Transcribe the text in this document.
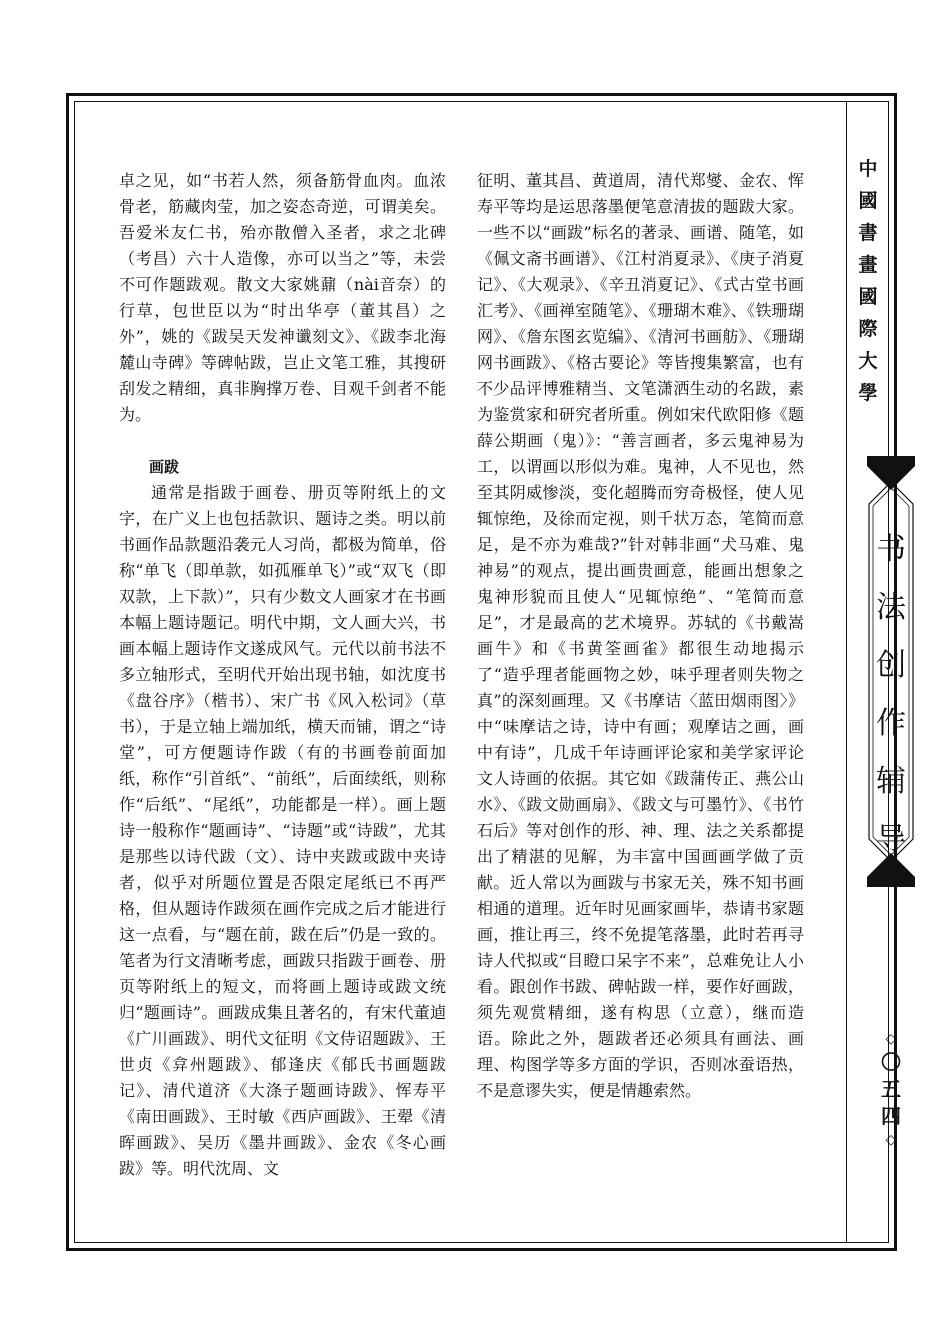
卓之见，如“书若人然，须备筋骨血肉。血浓骨老，筋藏肉莹，加之姿态奇逆，可谓美矣。吾爱米友仁书，殆亦散僧入圣者，求之北碑（考昌）六十人造像，亦可以当之”等，未尝不可作题跋观。散文大家姚鼐（nài音奈）的行草，包世臣以为“时出华亭（董其昌）之外”，姚的《跋吴天发神谶刻文》、《跋李北海麓山寺碑》等碑帖跋，岂止文笔工雅，其搜研刮发之精细，真非胸撑万卷、目观千剑者不能为。

画跋

通常是指跋于画卷、册页等附纸上的文字，在广义上也包括款识、题诗之类。明以前书画作品款题沿袭元人习尚，都极为简单，俗称“单飞（即单款，如孤雁单飞）”或“双飞（即双款，上下款）”，只有少数文人画家才在书画本幅上题诗题记。明代中期，文人画大兴，书画本幅上题诗作文遂成风气。元代以前书法不多立轴形式，至明代开始出现书轴，如沈度书《盘谷序》（楷书）、宋广书《风入松词》（草书），于是立轴上端加纸，横天而铺，谓之“诗堂”，可方便题诗作跋（有的书画卷前面加纸，称作“引首纸”、“前纸”，后面续纸，则称作“后纸”、“尾纸”，功能都是一样）。画上题诗一般称作“题画诗”、“诗题”或“诗跋”，尤其是那些以诗代跋（文）、诗中夹跋或跋中夹诗者，似乎对所题位置是否限定尾纸已不再严格，但从题诗作跋须在画作完成之后才能进行这一点看，与“题在前，跋在后”仍是一致的。笔者为行文清晰考虑，画跋只指跋于画卷、册页等附纸上的短文，而将画上题诗或跋文统归“题画诗”。画跋成集且著名的，有宋代董逌《广川画跋》、明代文征明《文侍诏题跋》、王世贞《弇州题跋》、郁逢庆《郁氏书画题跋记》、清代道济《大涤子题画诗跋》、恽寿平《南田画跋》、王时敏《西庐画跋》、王翚《清晖画跋》、吴历《墨井画跋》、金农《冬心画跋》等。明代沈周、文

征明、董其昌、黄道周，清代郑燮、金农、恽寿平等均是运思落墨便笔意清拔的题跋大家。一些不以“画跋”标名的著录、画谱、随笔，如《佩文斋书画谱》、《江村消夏录》、《庚子消夏记》、《大观录》、《辛丑消夏记》、《式古堂书画汇考》、《画禅室随笔》、《珊瑚木难》、《铁珊瑚网》、《詹东图玄览编》、《清河书画舫》、《珊瑚网书画跋》、《格古要论》等皆搜集繁富，也有不少品评博雅精当、文笔潇洒生动的名跋，素为鉴赏家和研究者所重。例如宋代欧阳修《题薛公期画（鬼）》：“善言画者，多云鬼神易为工，以谓画以形似为难。鬼神，人不见也，然至其阴威惨淡，变化超腾而穷奇极怪，使人见辄惊绝，及徐而定视，则千状万态，笔简而意足，是不亦为难哉?”针对韩非画“犬马难、鬼神易”的观点，提出画贵画意，能画出想象之鬼神形貌而且使人“见辄惊绝”、“笔简而意足”，才是最高的艺术境界。苏轼的《书戴嵩画牛》和《书黄筌画雀》都很生动地揭示了“造乎理者能画物之妙，味乎理者则失物之真”的深刻画理。又《书摩诘〈蓝田烟雨图〉》中“味摩诘之诗，诗中有画；观摩诘之画，画中有诗”，几成千年诗画评论家和美学家评论文人诗画的依据。其它如《跋蒲传正、燕公山水》、《跋文勋画扇》、《跋文与可墨竹》、《书竹石后》等对创作的形、神、理、法之关系都提出了精湛的见解，为丰富中国画画学做了贡献。近人常以为画跋与书家无关，殊不知书画相通的道理。近年时见画家画毕，恭请书家题画，推让再三，终不免提笔落墨，此时若再寻诗人代拟或“目瞪口呆字不来”，总难免让人小看。跟创作书跋、碑帖跋一样，要作好画跋，须先观赏精细，遂有构思（立意），继而造语。除此之外，题跋者还必须具有画法、画理、构图学等多方面的学识，否则冰蚕语热，不是意谬失实，便是情趣索然。

中
國
書
畫
國
際
大
學
书
法
创
作
辅
导
◇
〇
五
四
◇
